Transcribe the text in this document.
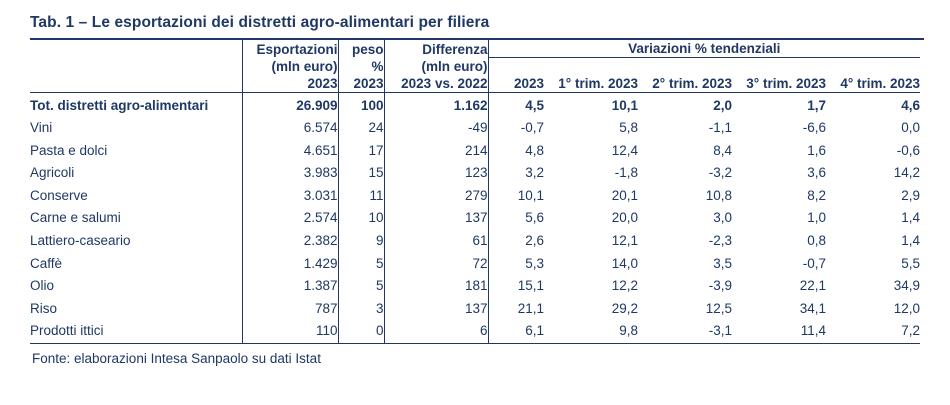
Tab. 1 – Le esportazioni dei distretti agro-alimentari per filiera
	Esportazioni	peso	Differenza	Variazioni % tendenziali				
	(mln euro)	%	(mln euro)					
	2023	2023	2023 vs. 2022	2023	1° trim. 2023	2° trim. 2023	3° trim. 2023	4° trim. 2023
Tot. distretti agro-alimentari	26.909	100	1.162	4,5	10,1	2,0	1,7	4,6
Vini	6.574	24	-49	-0,7	5,8	-1,1	-6,6	0,0
Pasta e dolci	4.651	17	214	4,8	12,4	8,4	1,6	-0,6
Agricoli	3.983	15	123	3,2	-1,8	-3,2	3,6	14,2
Conserve	3.031	11	279	10,1	20,1	10,8	8,2	2,9
Carne e salumi	2.574	10	137	5,6	20,0	3,0	1,0	1,4
Lattiero-caseario	2.382	9	61	2,6	12,1	-2,3	0,8	1,4
Caffè	1.429	5	72	5,3	14,0	3,5	-0,7	5,5
Olio	1.387	5	181	15,1	12,2	-3,9	22,1	34,9
Riso	787	3	137	21,1	29,2	12,5	34,1	12,0
Prodotti ittici	110	0	6	6,1	9,8	-3,1	11,4	7,2
Fonte: elaborazioni Intesa Sanpaolo su dati Istat
